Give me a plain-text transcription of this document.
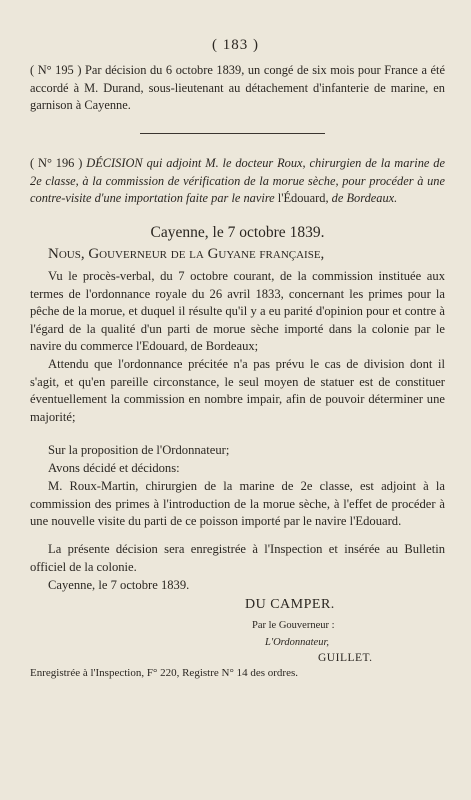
( 183 )
( N° 195 ) Par décision du 6 octobre 1839, un congé de six mois pour France a été accordé à M. Durand, sous-lieutenant au détachement d'infanterie de marine, en garnison à Cayenne.
( N° 196 ) DÉCISION qui adjoint M. le docteur Roux, chirurgien de la marine de 2e classe, à la commission de vérification de la morue sèche, pour procéder à une contre-visite d'une importation faite par le navire l'Édouard, de Bordeaux.
Cayenne, le 7 octobre 1839.
Nous, Gouverneur de la Guyane française,
Vu le procès-verbal, du 7 octobre courant, de la commission instituée aux termes de l'ordonnance royale du 26 avril 1833, concernant les primes pour la pêche de la morue, et duquel il résulte qu'il y a eu parité d'opinion pour et contre à l'égard de la qualité d'un parti de morue sèche importé dans la colonie par le navire du commerce l'Edouard, de Bordeaux;
Attendu que l'ordonnance précitée n'a pas prévu le cas de division dont il s'agit, et qu'en pareille circonstance, le seul moyen de statuer est de constituer éventuellement la commission en nombre impair, afin de pouvoir déterminer une majorité;
Sur la proposition de l'Ordonnateur;
Avons décidé et décidons:
M. Roux-Martin, chirurgien de la marine de 2e classe, est adjoint à la commission des primes à l'introduction de la morue sèche, à l'effet de procéder à une nouvelle visite du parti de ce poisson importé par le navire l'Edouard.
La présente décision sera enregistrée à l'Inspection et insérée au Bulletin officiel de la colonie.
Cayenne, le 7 octobre 1839.
DU CAMPER.
Par le Gouverneur :
L'Ordonnateur,
GUILLET.
Enregistrée à l'Inspection, F° 220, Registre N° 14 des ordres.
